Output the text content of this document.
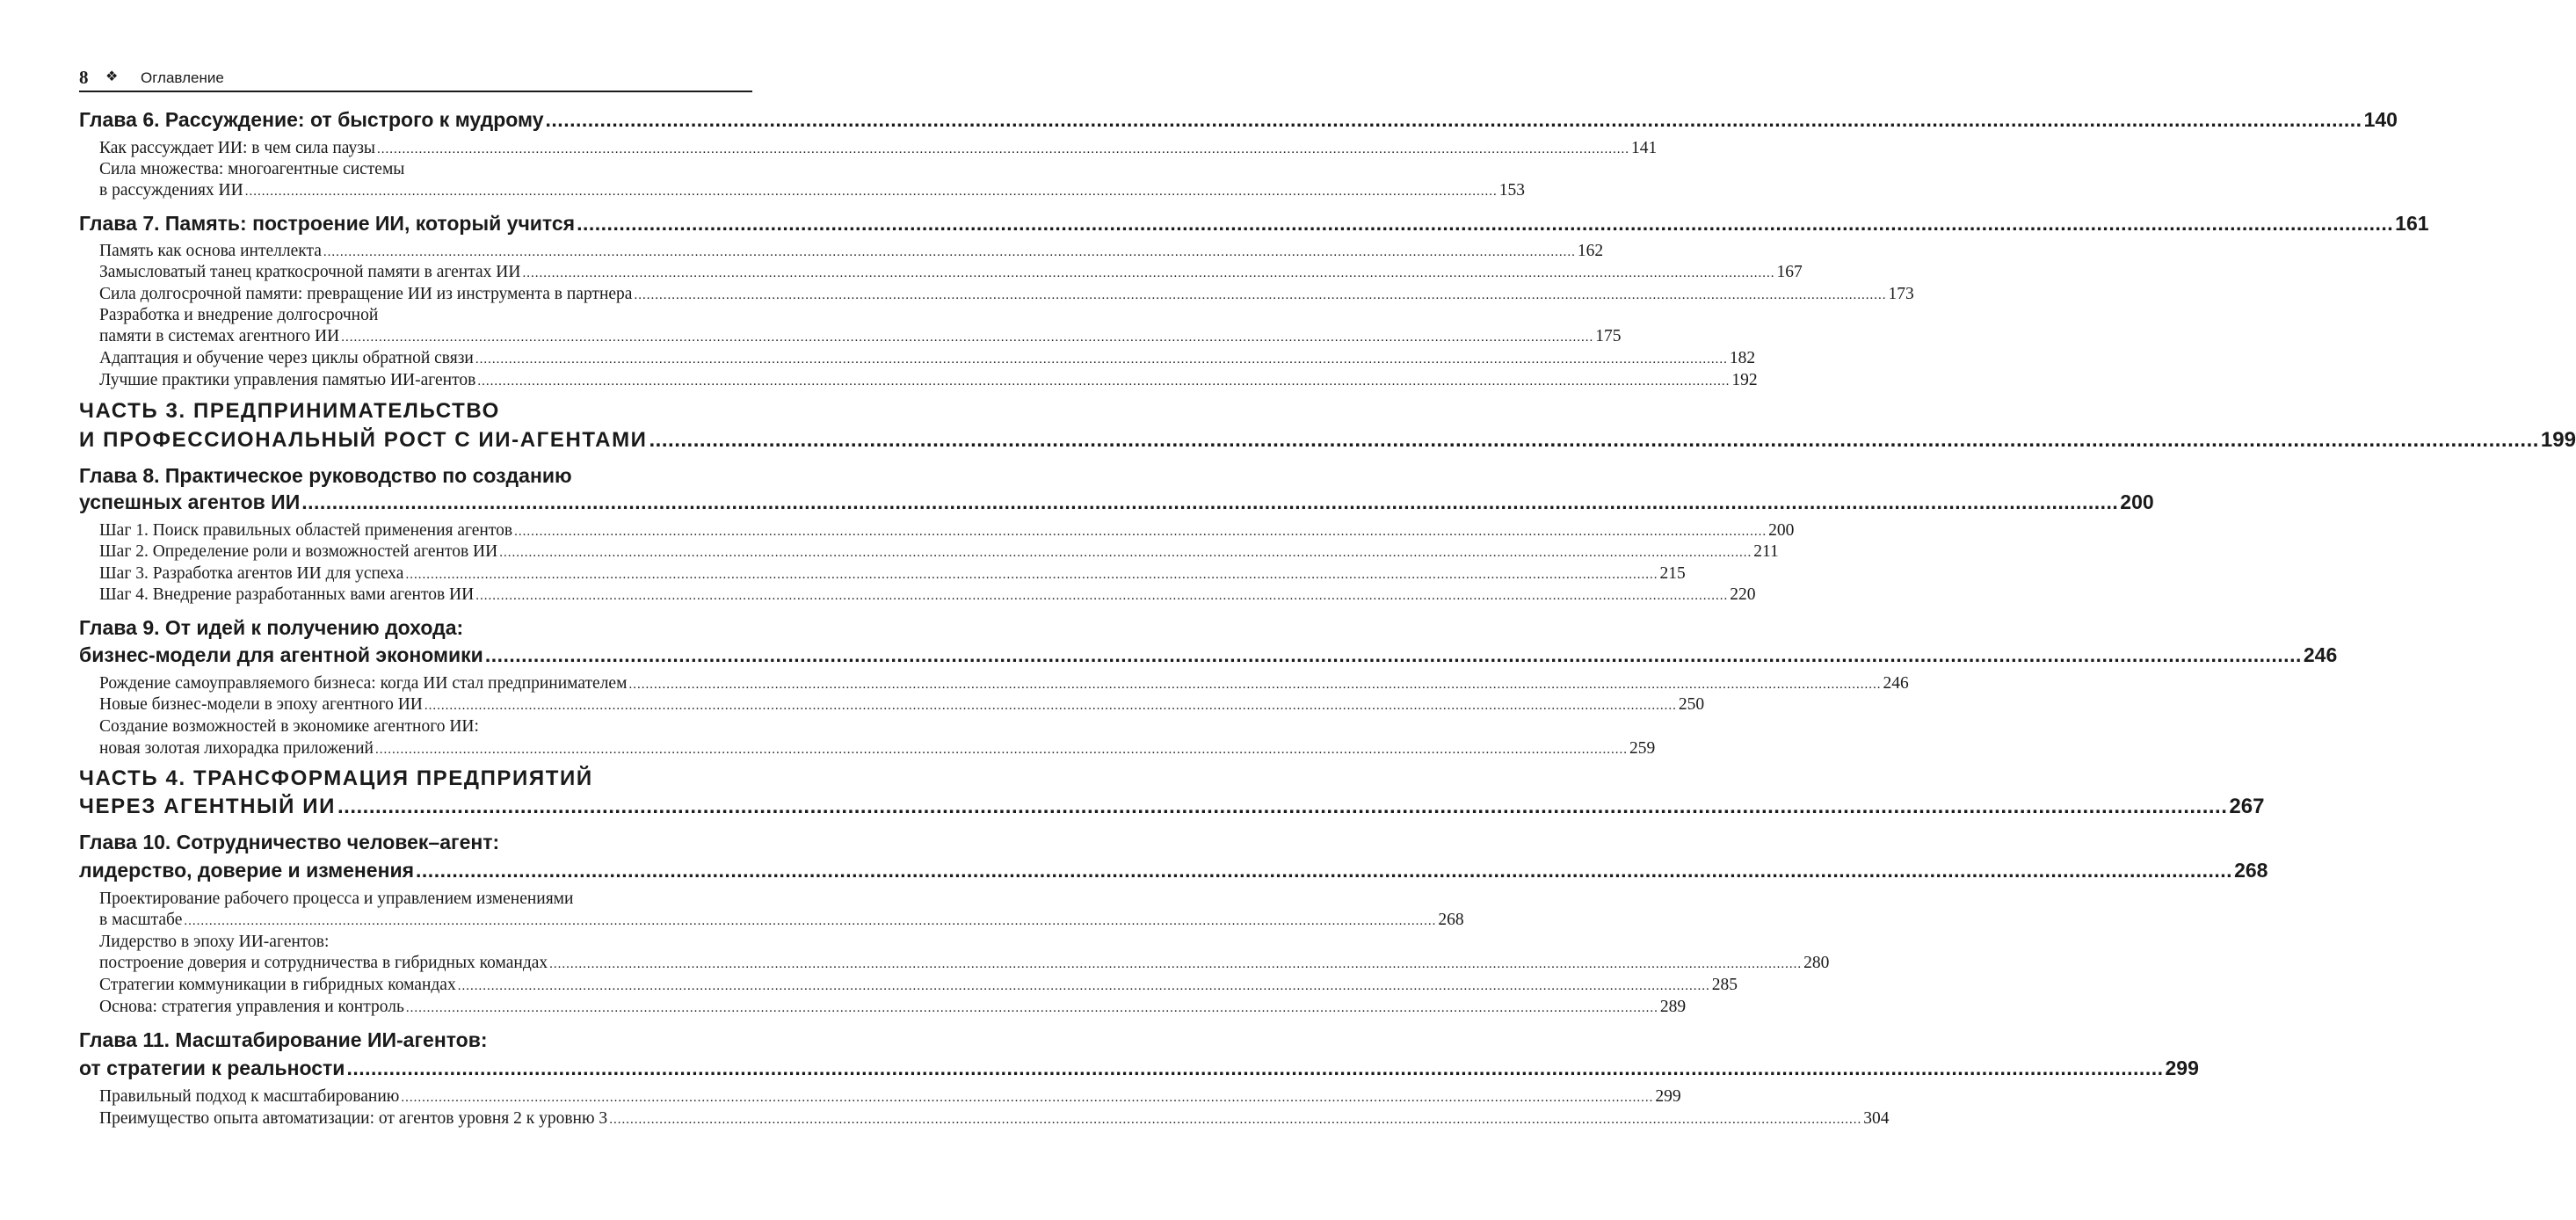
8 ❖ Оглавление
Глава 6. Рассуждение: от быстрого к мудрому ............................................................................................................................................................................................................................................................................................................ 140
Как рассуждает ИИ: в чем сила паузы ............................................................................................................................................................................................................................................................................................................ 141
Сила множества: многоагентные системы
в рассуждениях ИИ ............................................................................................................................................................................................................................................................................................................ 153
Глава 7. Память: построение ИИ, который учится ............................................................................................................................................................................................................................................................................................................ 161
Память как основа интеллекта ............................................................................................................................................................................................................................................................................................................ 162
Замысловатый танец краткосрочной памяти в агентах ИИ ............................................................................................................................................................................................................................................................................................................ 167
Сила долгосрочной памяти: превращение ИИ из инструмента в партнера ............................................................................................................................................................................................................................................................................................................ 173
Разработка и внедрение долгосрочной
памяти в системах агентного ИИ ............................................................................................................................................................................................................................................................................................................ 175
Адаптация и обучение через циклы обратной связи ............................................................................................................................................................................................................................................................................................................ 182
Лучшие практики управления памятью ИИ-агентов ............................................................................................................................................................................................................................................................................................................ 192
ЧАСТЬ 3. ПРЕДПРИНИМАТЕЛЬСТВО
И ПРОФЕССИОНАЛЬНЫЙ РОСТ С ИИ-АГЕНТАМИ ............................................................................................................................................................................................................................................................................................................ 199
Глава 8. Практическое руководство по созданию
успешных агентов ИИ ............................................................................................................................................................................................................................................................................................................ 200
Шаг 1. Поиск правильных областей применения агентов ............................................................................................................................................................................................................................................................................................................ 200
Шаг 2. Определение роли и возможностей агентов ИИ ............................................................................................................................................................................................................................................................................................................ 211
Шаг 3. Разработка агентов ИИ для успеха ............................................................................................................................................................................................................................................................................................................ 215
Шаг 4. Внедрение разработанных вами агентов ИИ ............................................................................................................................................................................................................................................................................................................ 220
Глава 9. От идей к получению дохода:
бизнес-модели для агентной экономики ............................................................................................................................................................................................................................................................................................................ 246
Рождение самоуправляемого бизнеса: когда ИИ стал предпринимателем ............................................................................................................................................................................................................................................................................................................ 246
Новые бизнес-модели в эпоху агентного ИИ ............................................................................................................................................................................................................................................................................................................ 250
Создание возможностей в экономике агентного ИИ:
новая золотая лихорадка приложений ............................................................................................................................................................................................................................................................................................................ 259
ЧАСТЬ 4. ТРАНСФОРМАЦИЯ ПРЕДПРИЯТИЙ
ЧЕРЕЗ АГЕНТНЫЙ ИИ ............................................................................................................................................................................................................................................................................................................ 267
Глава 10. Сотрудничество человек–агент:
лидерство, доверие и изменения ............................................................................................................................................................................................................................................................................................................ 268
Проектирование рабочего процесса и управлением изменениями
в масштабе ............................................................................................................................................................................................................................................................................................................ 268
Лидерство в эпоху ИИ-агентов:
построение доверия и сотрудничества в гибридных командах ............................................................................................................................................................................................................................................................................................................ 280
Стратегии коммуникации в гибридных командах ............................................................................................................................................................................................................................................................................................................ 285
Основа: стратегия управления и контроль ............................................................................................................................................................................................................................................................................................................ 289
Глава 11. Масштабирование ИИ-агентов:
от стратегии к реальности ............................................................................................................................................................................................................................................................................................................ 299
Правильный подход к масштабированию ............................................................................................................................................................................................................................................................................................................ 299
Преимущество опыта автоматизации: от агентов уровня 2 к уровню 3 ............................................................................................................................................................................................................................................................................................................ 304
